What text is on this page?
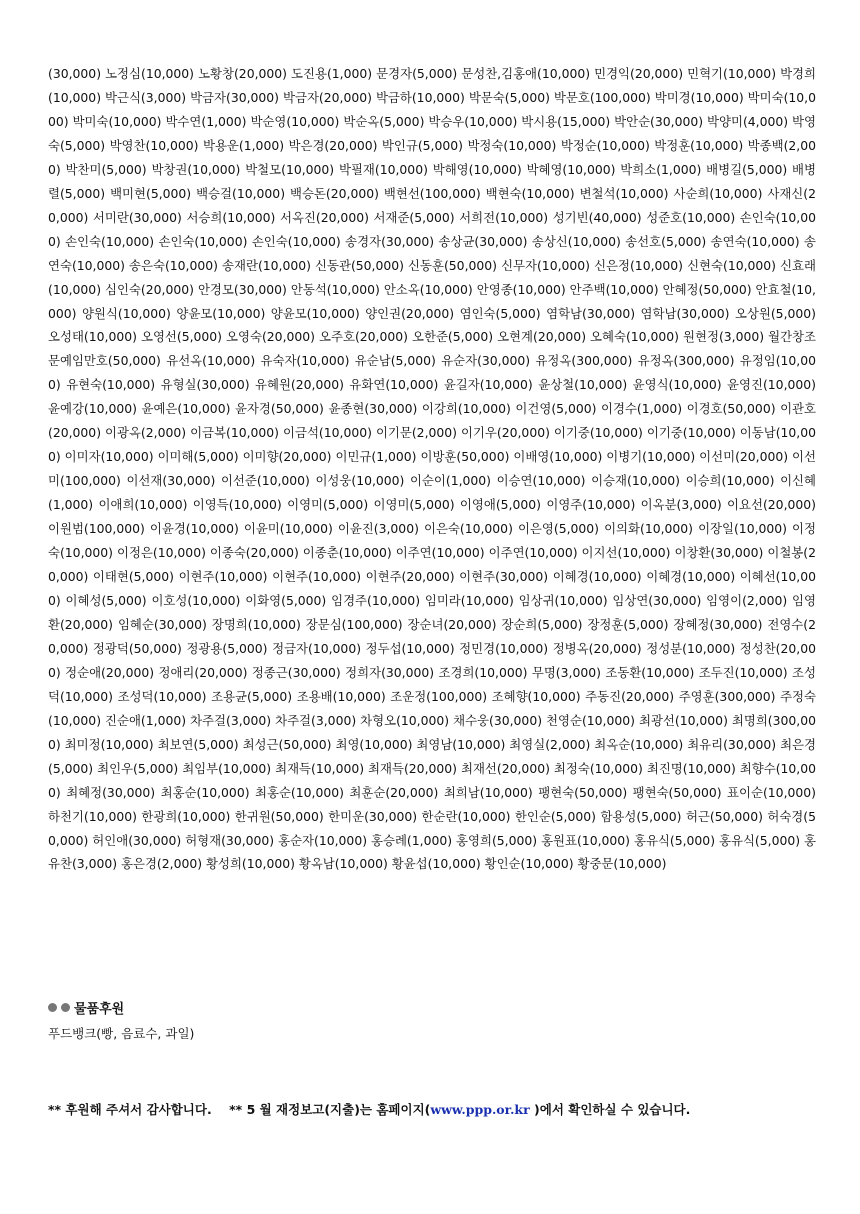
(30,000) 노정심(10,000) 노황창(20,000) 도진용(1,000) 문경자(5,000) 문성찬,김홍애(10,000) 민경익(20,000) 민혁기(10,000) 박경희(10,000) 박근식(3,000) 박금자(30,000) 박금자(20,000) 박금하(10,000) 박문숙(5,000) 박문호(100,000) 박미경(10,000) 박미숙(10,000) 박미숙(10,000) 박수연(1,000) 박순영(10,000) 박순옥(5,000) 박승우(10,000) 박시용(15,000) 박안순(30,000) 박양미(4,000) 박영숙(5,000) 박영찬(10,000) 박용운(1,000) 박은경(20,000) 박인규(5,000) 박정숙(10,000) 박정순(10,000) 박정훈(10,000) 박종백(2,000) 박찬미(5,000) 박창권(10,000) 박철모(10,000) 박필재(10,000) 박해영(10,000) 박혜영(10,000) 박희소(1,000) 배병길(5,000) 배병렬(5,000) 백미현(5,000) 백승걸(10,000) 백승돈(20,000) 백현선(100,000) 백현숙(10,000) 변철석(10,000) 사순희(10,000) 사재신(20,000) 서미란(30,000) 서승희(10,000) 서옥진(20,000) 서재준(5,000) 서희전(10,000) 성기빈(40,000) 성준호(10,000) 손인숙(10,000) 손인숙(10,000) 손인숙(10,000) 손인숙(10,000) 송경자(30,000) 송상균(30,000) 송상신(10,000) 송선호(5,000) 송연숙(10,000) 송연숙(10,000) 송은숙(10,000) 송재란(10,000) 신동관(50,000) 신동훈(50,000) 신무자(10,000) 신은정(10,000) 신현숙(10,000) 신효래(10,000) 심인숙(20,000) 안경모(30,000) 안동석(10,000) 안소옥(10,000) 안영종(10,000) 안주백(10,000) 안혜정(50,000) 안효철(10,000) 양원식(10,000) 양윤모(10,000) 양윤모(10,000) 양인권(20,000) 염인숙(5,000) 염학남(30,000) 염학남(30,000) 오상원(5,000) 오성태(10,000) 오영선(5,000) 오영숙(20,000) 오주호(20,000) 오한준(5,000) 오현계(20,000) 오혜숙(10,000) 원현정(3,000) 월간창조문예임만호(50,000) 유선옥(10,000) 유숙자(10,000) 유순남(5,000) 유순자(30,000) 유정옥(300,000) 유정옥(300,000) 유정임(10,000) 유현숙(10,000) 유형실(30,000) 유혜원(20,000) 유화연(10,000) 윤길자(10,000) 윤상철(10,000) 윤영식(10,000) 윤영진(10,000) 윤예강(10,000) 윤예은(10,000) 윤자경(50,000) 윤종현(30,000) 이강희(10,000) 이건영(5,000) 이경수(1,000) 이경호(50,000) 이관호(20,000) 이광옥(2,000) 이금복(10,000) 이금석(10,000) 이기문(2,000) 이기우(20,000) 이기중(10,000) 이기중(10,000) 이동남(10,000) 이미자(10,000) 이미해(5,000) 이미향(20,000) 이민규(1,000) 이방훈(50,000) 이배영(10,000) 이병기(10,000) 이선미(20,000) 이선미(100,000) 이선재(30,000) 이선준(10,000) 이성웅(10,000) 이순이(1,000) 이승연(10,000) 이승재(10,000) 이승희(10,000) 이신혜(1,000) 이애희(10,000) 이영득(10,000) 이영미(5,000) 이영미(5,000) 이영애(5,000) 이영주(10,000) 이옥분(3,000) 이요선(20,000) 이원범(100,000) 이윤경(10,000) 이윤미(10,000) 이윤진(3,000) 이은숙(10,000) 이은영(5,000) 이의화(10,000) 이장일(10,000) 이정숙(10,000) 이정은(10,000) 이종숙(20,000) 이종춘(10,000) 이주연(10,000) 이주연(10,000) 이지선(10,000) 이창환(30,000) 이철봉(20,000) 이태현(5,000) 이현주(10,000) 이현주(10,000) 이현주(20,000) 이현주(30,000) 이혜경(10,000) 이혜경(10,000) 이혜선(10,000) 이혜성(5,000) 이호성(10,000) 이화영(5,000) 임경주(10,000) 임미라(10,000) 임상귀(10,000) 임상연(30,000) 임영이(2,000) 임영환(20,000) 임혜순(30,000) 장명희(10,000) 장문심(100,000) 장순녀(20,000) 장순희(5,000) 장정훈(5,000) 장혜정(30,000) 전영수(20,000) 정광덕(50,000) 정광용(5,000) 정금자(10,000) 정두섭(10,000) 정민경(10,000) 정병옥(20,000) 정성분(10,000) 정성찬(20,000) 정순애(20,000) 정애리(20,000) 정종근(30,000) 정희자(30,000) 조경희(10,000) 무명(3,000) 조동환(10,000) 조두진(10,000) 조성덕(10,000) 조성덕(10,000) 조용균(5,000) 조용배(10,000) 조운정(100,000) 조혜향(10,000) 주동진(20,000) 주영훈(300,000) 주정숙(10,000) 진순애(1,000) 차주걸(3,000) 차주걸(3,000) 차형오(10,000) 채수웅(30,000) 천영순(10,000) 최광선(10,000) 최명희(300,000) 최미정(10,000) 최보연(5,000) 최성근(50,000) 최영(10,000) 최영남(10,000) 최영실(2,000) 최옥순(10,000) 최유리(30,000) 최은경(5,000) 최인우(5,000) 최임부(10,000) 최재득(10,000) 최재득(20,000) 최재선(20,000) 최정숙(10,000) 최진명(10,000) 최향수(10,000) 최혜정(30,000) 최홍순(10,000) 최홍순(10,000) 최훈순(20,000) 최희남(10,000) 팽현숙(50,000) 팽현숙(50,000) 표이순(10,000) 하천기(10,000) 한광희(10,000) 한귀원(50,000) 한미운(30,000) 한순란(10,000) 한인순(5,000) 함용성(5,000) 허근(50,000) 허숙경(50,000) 허인애(30,000) 허형재(30,000) 홍순자(10,000) 홍승례(1,000) 홍영희(5,000) 홍원표(10,000) 홍유식(5,000) 홍유식(5,000) 홍유찬(3,000) 홍은경(2,000) 황성희(10,000) 황옥남(10,000) 황윤섭(10,000) 황인순(10,000) 황중문(10,000)
물품후원
푸드뱅크(빵, 음료수, 과일)
** 후원해 주셔서 감사합니다. ** 5 월 재정보고(지출)는 홈페이지(www.ppp.or.kr )에서 확인하실 수 있습니다.
